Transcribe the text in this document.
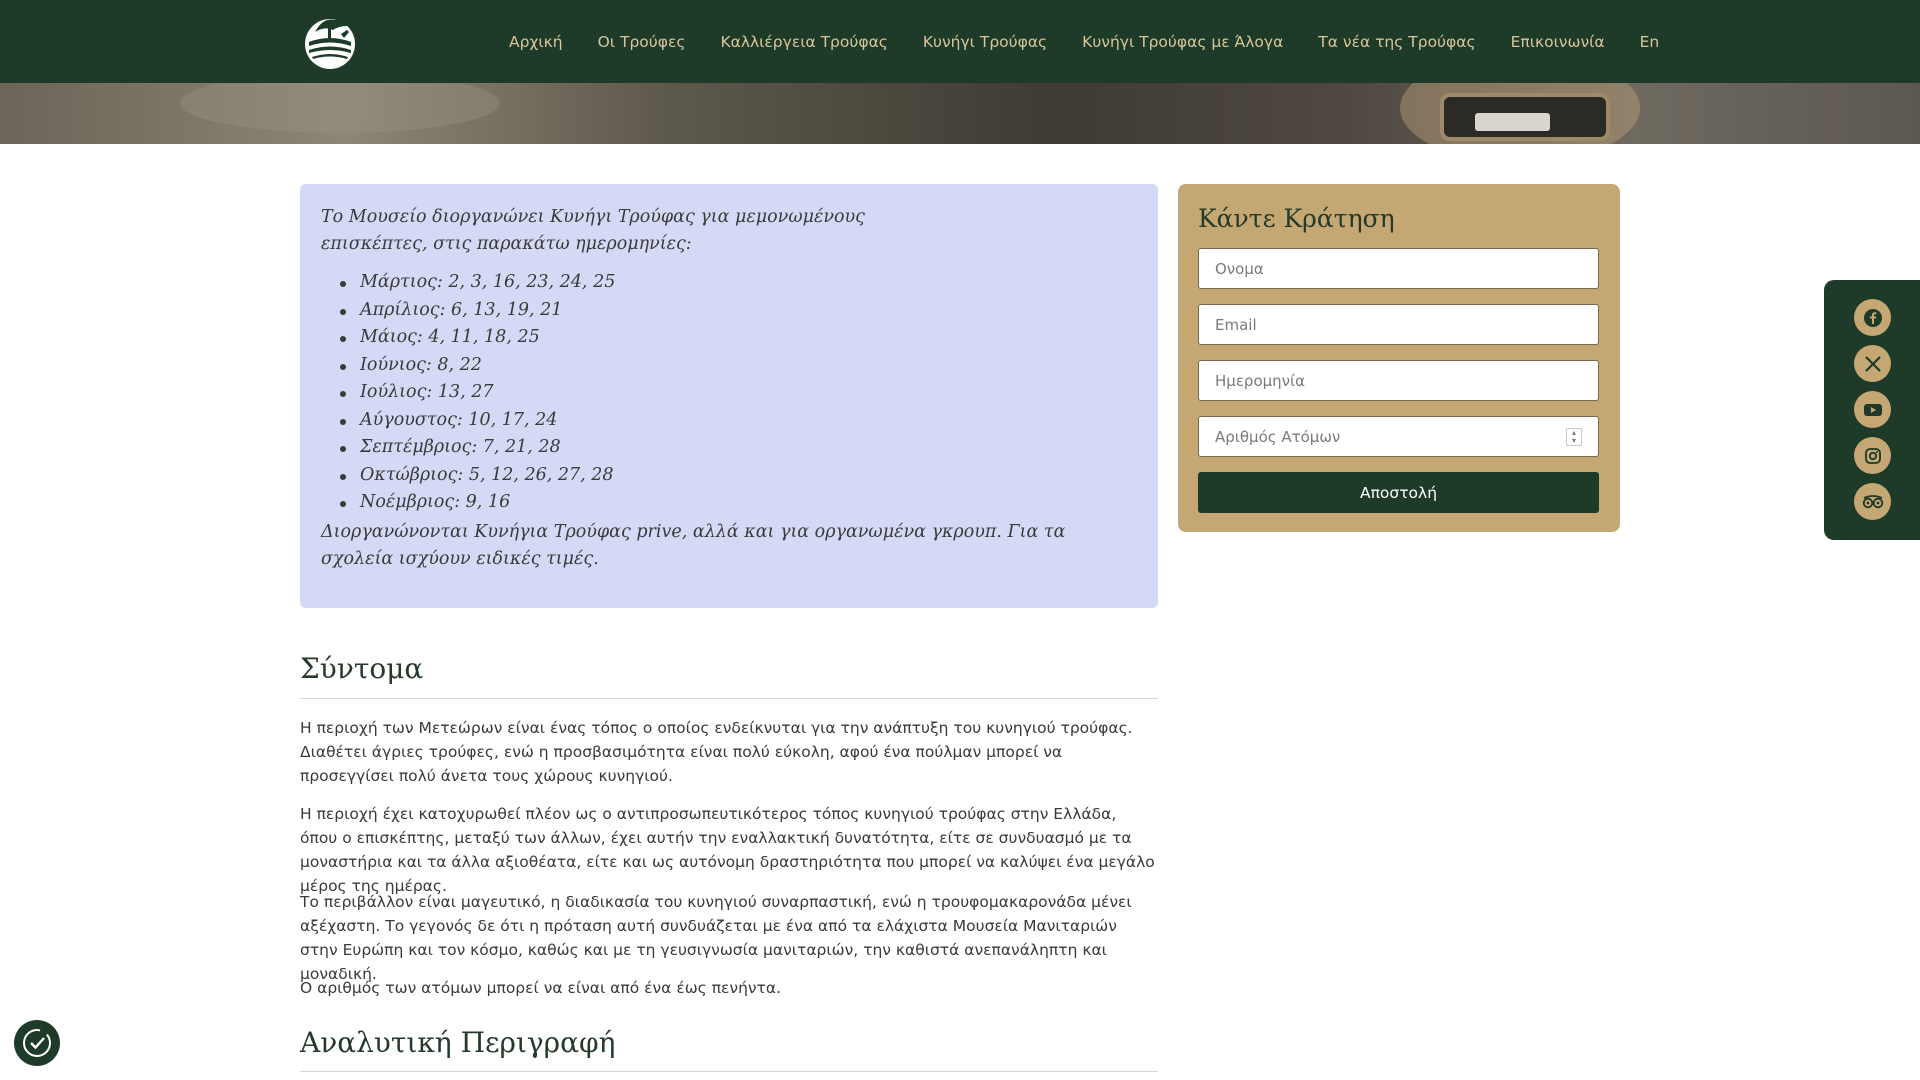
Αρχική Οι Τρούφες Καλλιέργεια Τρούφας Κυνήγι Τρούφας Κυνήγι Τρούφας με Άλογα Τα νέα της Τρούφας Επικοινωνία En

Το Μουσείο διοργανώνει Κυνήγι Τρούφας για μεμονωμένους επισκέπτες, στις παρακάτω ημερομηνίες:

Μάρτιος: 2, 3, 16, 23, 24, 25
Απρίλιος: 6, 13, 19, 21
Μάιος: 4, 11, 18, 25
Ιούνιος: 8, 22
Ιούλιος: 13, 27
Αύγουστος: 10, 17, 24
Σεπτέμβριος: 7, 21, 28
Οκτώβριος: 5, 12, 26, 27, 28
Νοέμβριος: 9, 16

Διοργανώνονται Κυνήγια Τρούφας prive, αλλά και για οργανωμένα γκρουπ. Για τα σχολεία ισχύουν ειδικές τιμές.

Κάντε Κράτηση
Ονομα
Email
Ημερομηνία
Αριθμός Ατόμων	▴
▾
Αποστολή
Σύντομα

Η περιοχή των Μετεώρων είναι ένας τόπος ο οποίος ενδείκνυται για την ανάπτυξη του κυνηγιού τρούφας. Διαθέτει άγριες τρούφες, ενώ η προσβασιμότητα είναι πολύ εύκολη, αφού ένα πούλμαν μπορεί να προσεγγίσει πολύ άνετα τους χώρους κυνηγιού.

Η περιοχή έχει κατοχυρωθεί πλέον ως ο αντιπροσωπευτικότερος τόπος κυνηγιού τρούφας στην Ελλάδα, όπου ο επισκέπτης, μεταξύ των άλλων, έχει αυτήν την εναλλακτική δυνατότητα, είτε σε συνδυασμό με τα μοναστήρια και τα άλλα αξιοθέατα, είτε και ως αυτόνομη δραστηριότητα που μπορεί να καλύψει ένα μεγάλο μέρος της ημέρας.

Το περιβάλλον είναι μαγευτικό, η διαδικασία του κυνηγιού συναρπαστική, ενώ η τρουφομακαρονάδα μένει αξέχαστη. Το γεγονός δε ότι η πρόταση αυτή συνδυάζεται με ένα από τα ελάχιστα Μουσεία Μανιταριών στην Ευρώπη και τον κόσμο, καθώς και με τη γευσιγνωσία μανιταριών, την καθιστά ανεπανάληπτη και μοναδική.

Ο αριθμός των ατόμων μπορεί να είναι από ένα έως πενήντα.

Αναλυτική Περιγραφή
